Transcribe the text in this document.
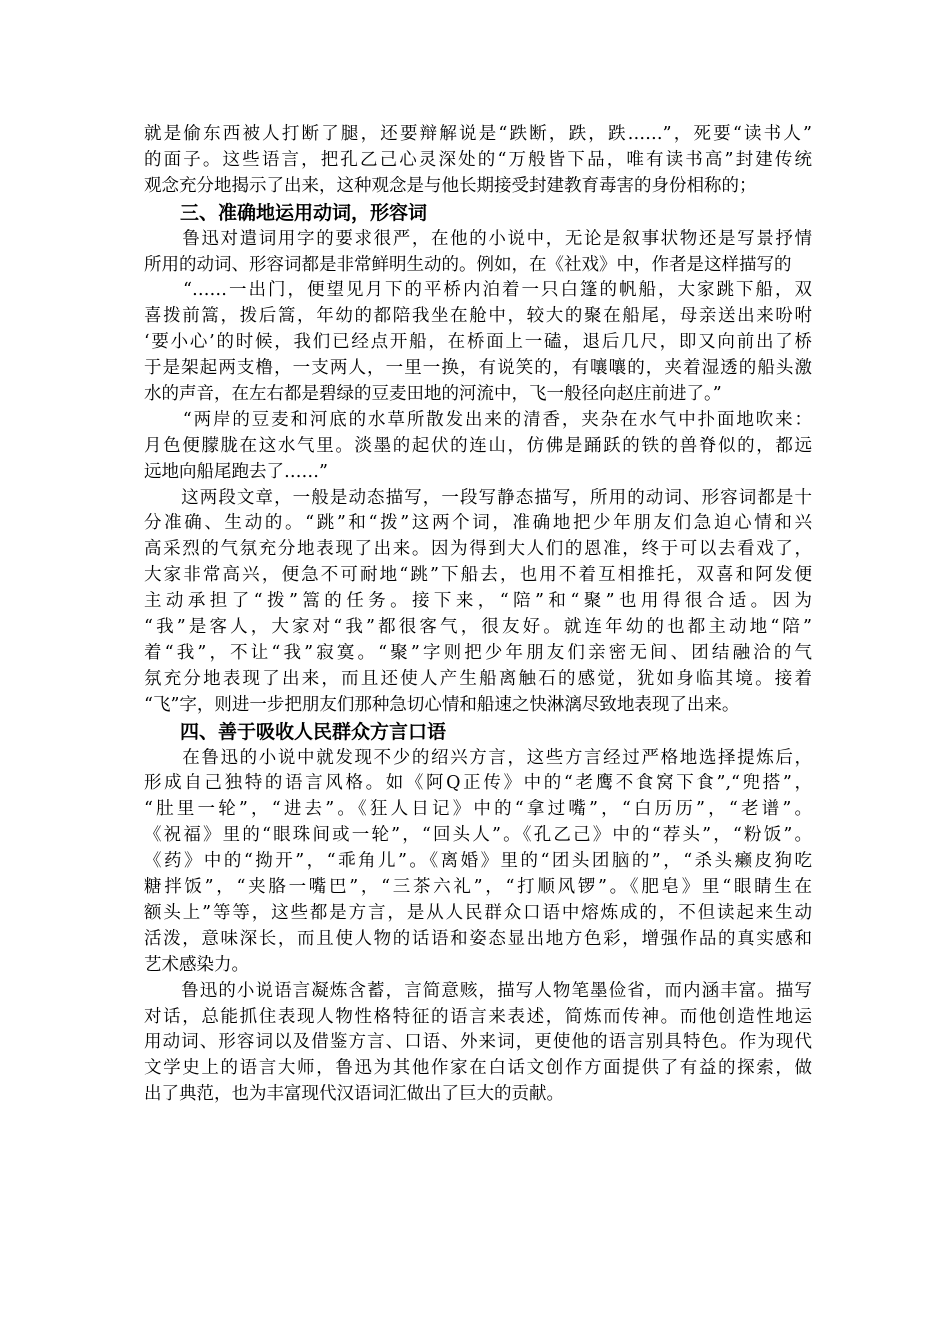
就是偷东西被人打断了腿，还要辩解说是“跌断，跌，跌……”，死要“读书人”
的面子。这些语言，把孔乙己心灵深处的“万般皆下品，唯有读书高”封建传统
观念充分地揭示了出来，这种观念是与他长期接受封建教育毒害的身份相称的；
三、准确地运用动词，形容词
　　鲁迅对遣词用字的要求很严，在他的小说中，无论是叙事状物还是写景抒情
所用的动词、形容词都是非常鲜明生动的。例如，在《社戏》中，作者是这样描写的
　　“……一出门，便望见月下的平桥内泊着一只白篷的帆船，大家跳下船，双
喜拨前篙，拨后篙，年幼的都陪我坐在舱中，较大的聚在船尾，母亲送出来吩咐
‘要小心’的时候，我们已经点开船，在桥面上一磕，退后几尺，即又向前出了桥
于是架起两支橹，一支两人，一里一换，有说笑的，有嚷嚷的，夹着湿透的船头激
水的声音，在左右都是碧绿的豆麦田地的河流中，飞一般径向赵庄前进了。”
　　“两岸的豆麦和河底的水草所散发出来的清香，夹杂在水气中扑面地吹来：
月色便朦胧在这水气里。淡墨的起伏的连山，仿佛是踊跃的铁的兽脊似的，都远
远地向船尾跑去了……”
　　这两段文章，一般是动态描写，一段写静态描写，所用的动词、形容词都是十
分准确、生动的。“跳”和“拨”这两个词，准确地把少年朋友们急迫心情和兴
高采烈的气氛充分地表现了出来。因为得到大人们的恩准，终于可以去看戏了，
大家非常高兴，便急不可耐地“跳”下船去，也用不着互相推托，双喜和阿发便
主动承担了“拨”篙的任务。接下来，“陪”和“聚”也用得很合适。因为
“我”是客人，大家对“我”都很客气，很友好。就连年幼的也都主动地“陪”
着“我”，不让“我”寂寞。“聚”字则把少年朋友们亲密无间、团结融洽的气
氛充分地表现了出来，而且还使人产生船离触石的感觉，犹如身临其境。接着
“飞”字，则进一步把朋友们那种急切心情和船速之快淋漓尽致地表现了出来。
四、善于吸收人民群众方言口语
　　在鲁迅的小说中就发现不少的绍兴方言，这些方言经过严格地选择提炼后，
形成自己独特的语言风格。如《阿Q正传》中的“老鹰不食窝下食”,“兜搭”，
“肚里一轮”，“进去”。《狂人日记》中的“拿过嘴”，“白历历”，“老谱”。
《祝福》里的“眼珠间或一轮”，“回头人”。《孔乙己》中的“荐头”，“粉饭”。
《药》中的“拗开”，“乖角儿”。《离婚》里的“团头团脑的”，“杀头癞皮狗吃
糖拌饭”，“夹胳一嘴巴”，“三茶六礼”，“打顺风锣”。《肥皂》里“眼睛生在
额头上”等等，这些都是方言，是从人民群众口语中熔炼成的，不但读起来生动
活泼，意味深长，而且使人物的话语和姿态显出地方色彩，增强作品的真实感和
艺术感染力。
　　鲁迅的小说语言凝炼含蓄，言简意赅，描写人物笔墨俭省，而内涵丰富。描写
对话，总能抓住表现人物性格特征的语言来表述，简炼而传神。而他创造性地运
用动词、形容词以及借鉴方言、口语、外来词，更使他的语言别具特色。作为现代
文学史上的语言大师，鲁迅为其他作家在白话文创作方面提供了有益的探索，做
出了典范，也为丰富现代汉语词汇做出了巨大的贡献。
